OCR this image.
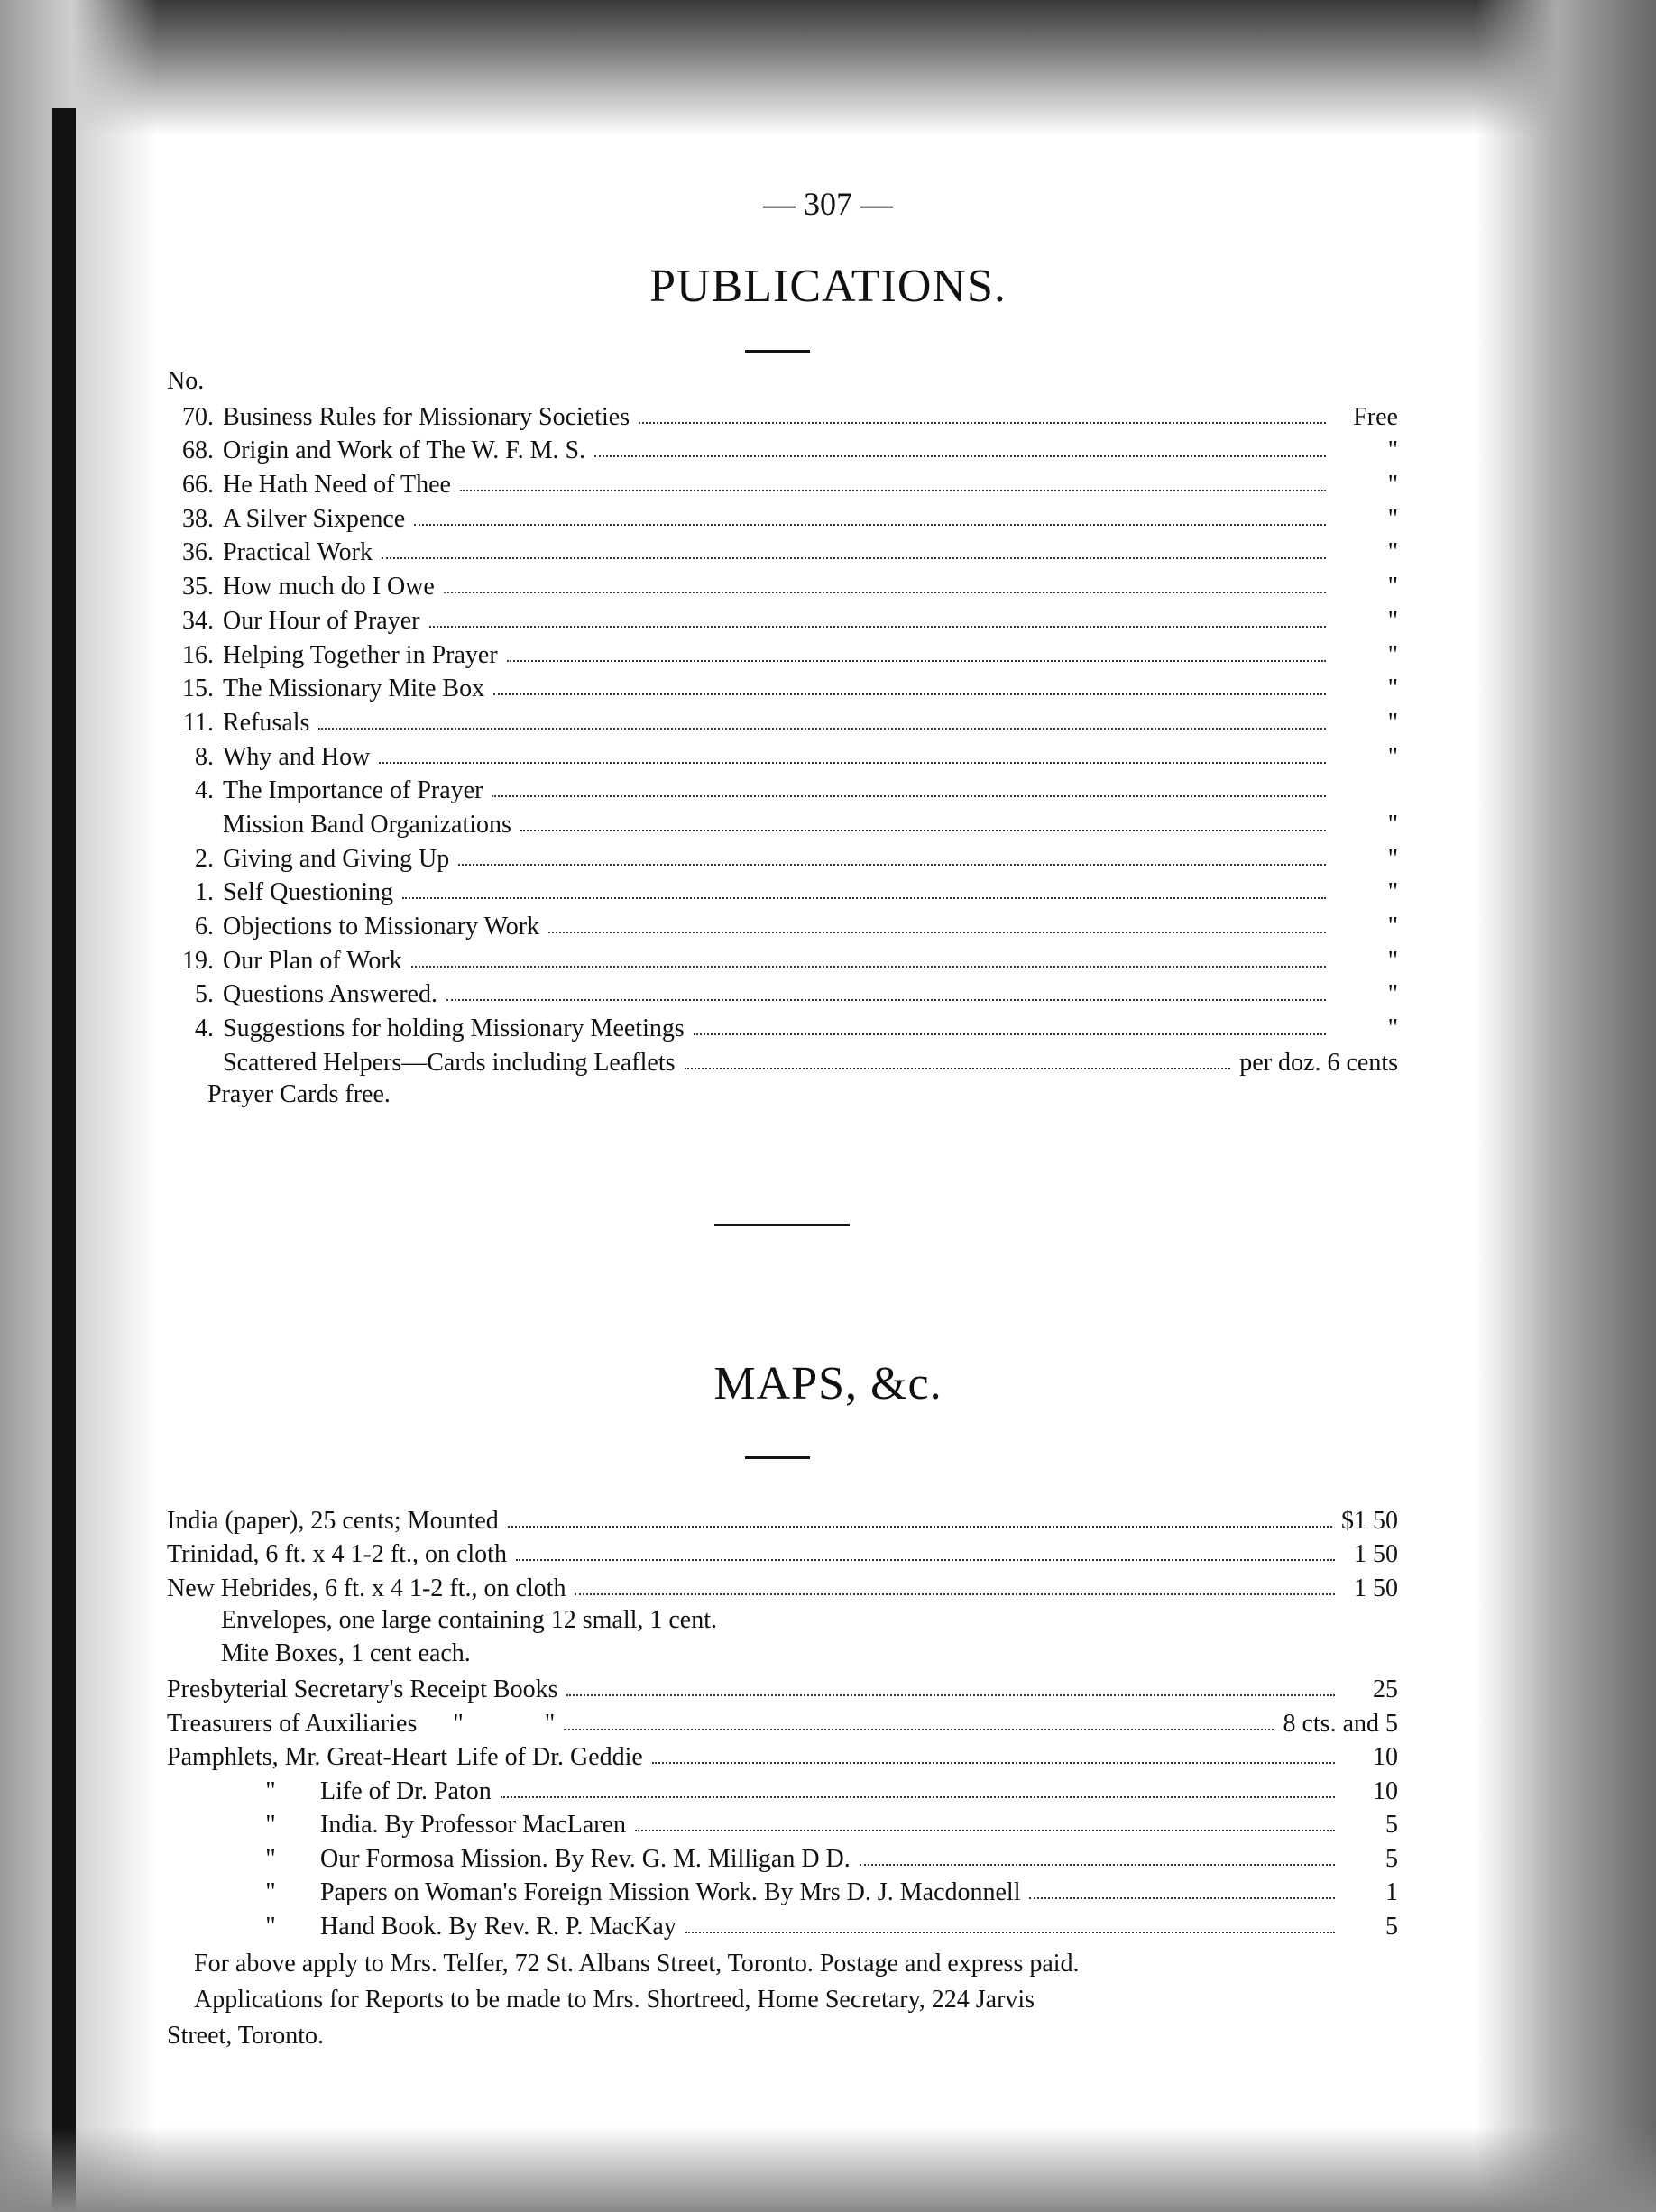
— 307 —
PUBLICATIONS.
No.
70. Business Rules for Missionary Societies	Free
68. Origin and Work of The W. F. M. S.	"
66. He Hath Need of Thee	"
38. A Silver Sixpence	"
36. Practical Work	"
35. How much do I Owe	"
34. Our Hour of Prayer	"
16. Helping Together in Prayer	"
15. The Missionary Mite Box	"
11. Refusals	"
8. Why and How	"
4. The Importance of Prayer
Mission Band Organizations	"
2. Giving and Giving Up	"
1. Self Questioning	"
6. Objections to Missionary Work	"
19. Our Plan of Work	"
5. Questions Answered.	"
4. Suggestions for holding Missionary Meetings	"
Scattered Helpers—Cards including Leaflets	per doz. 6 cents
Prayer Cards free.
MAPS, &c.
India (paper), 25 cents; Mounted	$1 50
Trinidad, 6 ft. x 4 1-2 ft., on cloth	1 50
New Hebrides, 6 ft. x 4 1-2 ft., on cloth	1 50
Envelopes, one large containing 12 small, 1 cent.
Mite Boxes, 1 cent each.
Presbyterial Secretary's Receipt Books	25
Treasurers of Auxiliaries	"	"	8 cts. and 5
Pamphlets, Mr. Great-Heart Life of Dr. Geddie	10
"	Life of Dr. Paton	10
"	India. By Professor MacLaren	5
"	Our Formosa Mission. By Rev. G. M. Milligan D D.	5
"	Papers on Woman's Foreign Mission Work. By Mrs D. J. Macdonnell	1
"	Hand Book. By Rev. R. P. MacKay	5
For above apply to Mrs. Telfer, 72 St. Albans Street, Toronto. Postage and express paid.
Applications for Reports to be made to Mrs. Shortreed, Home Secretary, 224 Jarvis
Street, Toronto.
